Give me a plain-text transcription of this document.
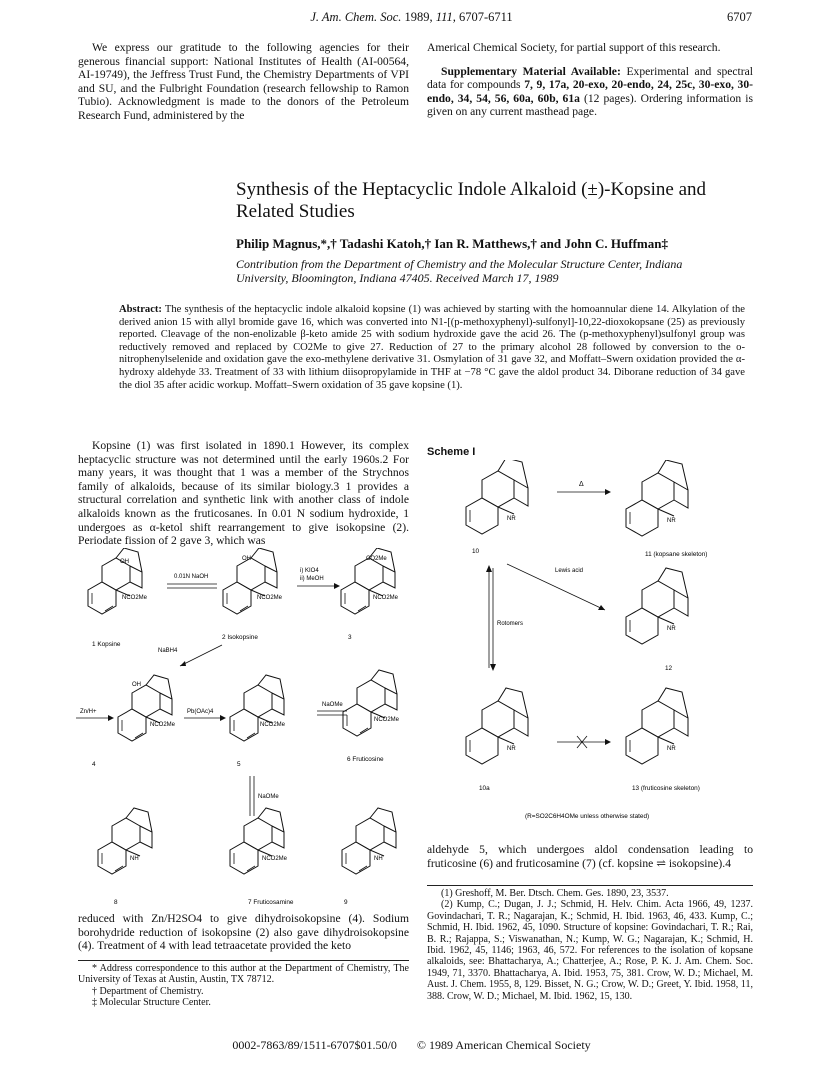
J. Am. Chem. Soc. 1989, 111, 6707-6711	6707

We express our gratitude to the following agencies for their generous financial support: National Institutes of Health (AI-00564, AI-19749), the Jeffress Trust Fund, the Chemistry Departments of VPI and SU, and the Fulbright Foundation (research fellowship to Ramon Tubio). Acknowledgment is made to the donors of the Petroleum Research Fund, administered by the

Americal Chemical Society, for partial support of this research.

Supplementary Material Available: Experimental and spectral data for compounds 7, 9, 17a, 20-exo, 20-endo, 24, 25c, 30-exo, 30-endo, 34, 54, 56, 60a, 60b, 61a (12 pages). Ordering information is given on any current masthead page.

Synthesis of the Heptacyclic Indole Alkaloid (±)-Kopsine and
Related Studies
Philip Magnus,*,† Tadashi Katoh,† Ian R. Matthews,† and John C. Huffman‡
Contribution from the Department of Chemistry and the Molecular Structure Center, Indiana
University, Bloomington, Indiana 47405. Received March 17, 1989
Abstract: The synthesis of the heptacyclic indole alkaloid kopsine (1) was achieved by starting with the homoannular diene 14. Alkylation of the derived anion 15 with allyl bromide gave 16, which was converted into N1-[(p-methoxyphenyl)-sulfonyl]-10,22-dioxokopsane (25) as previously reported. Cleavage of the non-enolizable β-keto amide 25 with sodium hydroxide gave the acid 26. The (p-methoxyphenyl)sulfonyl group was reductively removed and replaced by CO2Me to give 27. Reduction of 27 to the primary alcohol 28 followed by conversion to the o-nitrophenylselenide and oxidation gave the exo-methylene derivative 31. Osmylation of 31 gave 32, and Moffatt–Swern oxidation provided the α-hydroxy aldehyde 33. Treatment of 33 with lithium diisopropylamide in THF at −78 °C gave the aldol product 34. Diborane reduction of 34 gave the diol 35 after acidic workup. Moffatt–Swern oxidation of 35 gave kopsine (1).

Kopsine (1) was first isolated in 1890.1 However, its complex heptacyclic structure was not determined until the early 1960s.2 For many years, it was thought that 1 was a member of the Strychnos family of alkaloids, because of its similar biology.3 1 provides a structural correlation and synthetic link with another class of indole alkaloids known as the fruticosanes. In 0.01 N sodium hydroxide, 1 undergoes as α-ketol shift rearrangement to give isokopsine (2). Periodate fission of 2 gave 3, which was

OH
NCO2Me
0.01N NaOH
OH
NCO2Me
i) KIO4
ii) MeOH
CO2Me
NCO2Me
1 Kopsine
2 Isokopsine	3
NaBH4
Zn/H+
OH
NCO2Me
Pb(OAc)4
NCO2Me
NaOMe
NCO2Me
4	5
6 Fruticosine
NaOMe
NH	NCO2Me	NH
8	7 Fruticosamine	9

reduced with Zn/H2SO4 to give dihydroisokopsine (4). Sodium borohydride reduction of isokopsine (2) also gave dihydroisokopsine (4). Treatment of 4 with lead tetraacetate provided the keto

* Address correspondence to this author at the Department of Chemistry, The University of Texas at Austin, Austin, TX 78712.

† Department of Chemistry.

‡ Molecular Structure Center.

Scheme I
NR
10
Δ
NR
11 (kopsane skeleton)
Lewis acid
Rotomers
NR
12
NR
10a
NR
13 (fruticosine skeleton)
(R=SO2C6H4OMe unless otherwise stated)

aldehyde 5, which undergoes aldol condensation leading to fruticosine (6) and fruticosamine (7) (cf. kopsine ⇌ isokopsine).4

(1) Greshoff, M. Ber. Dtsch. Chem. Ges. 1890, 23, 3537.

(2) Kump, C.; Dugan, J. J.; Schmid, H. Helv. Chim. Acta 1966, 49, 1237. Govindachari, T. R.; Nagarajan, K.; Schmid, H. Ibid. 1963, 46, 433. Kump, C.; Schmid, H. Ibid. 1962, 45, 1090. Structure of kopsine: Govindachari, T. R.; Rai, B. R.; Rajappa, S.; Viswanathan, N.; Kump, W. G.; Nagarajan, K.; Schmid, H. Ibid. 1962, 45, 1146; 1963, 46, 572. For references to the isolation of kopsane alkaloids, see: Bhattacharya, A.; Chatterjee, A.; Rose, P. K. J. Am. Chem. Soc. 1949, 71, 3370. Bhattacharya, A. Ibid. 1953, 75, 381. Crow, W. D.; Michael, M. Aust. J. Chem. 1955, 8, 129. Bisset, N. G.; Crow, W. D.; Greet, Y. Ibid. 1958, 11, 388. Crow, W. D.; Michael, M. Ibid. 1962, 15, 130.

0002-7863/89/1511-6707$01.50/0 © 1989 American Chemical Society
